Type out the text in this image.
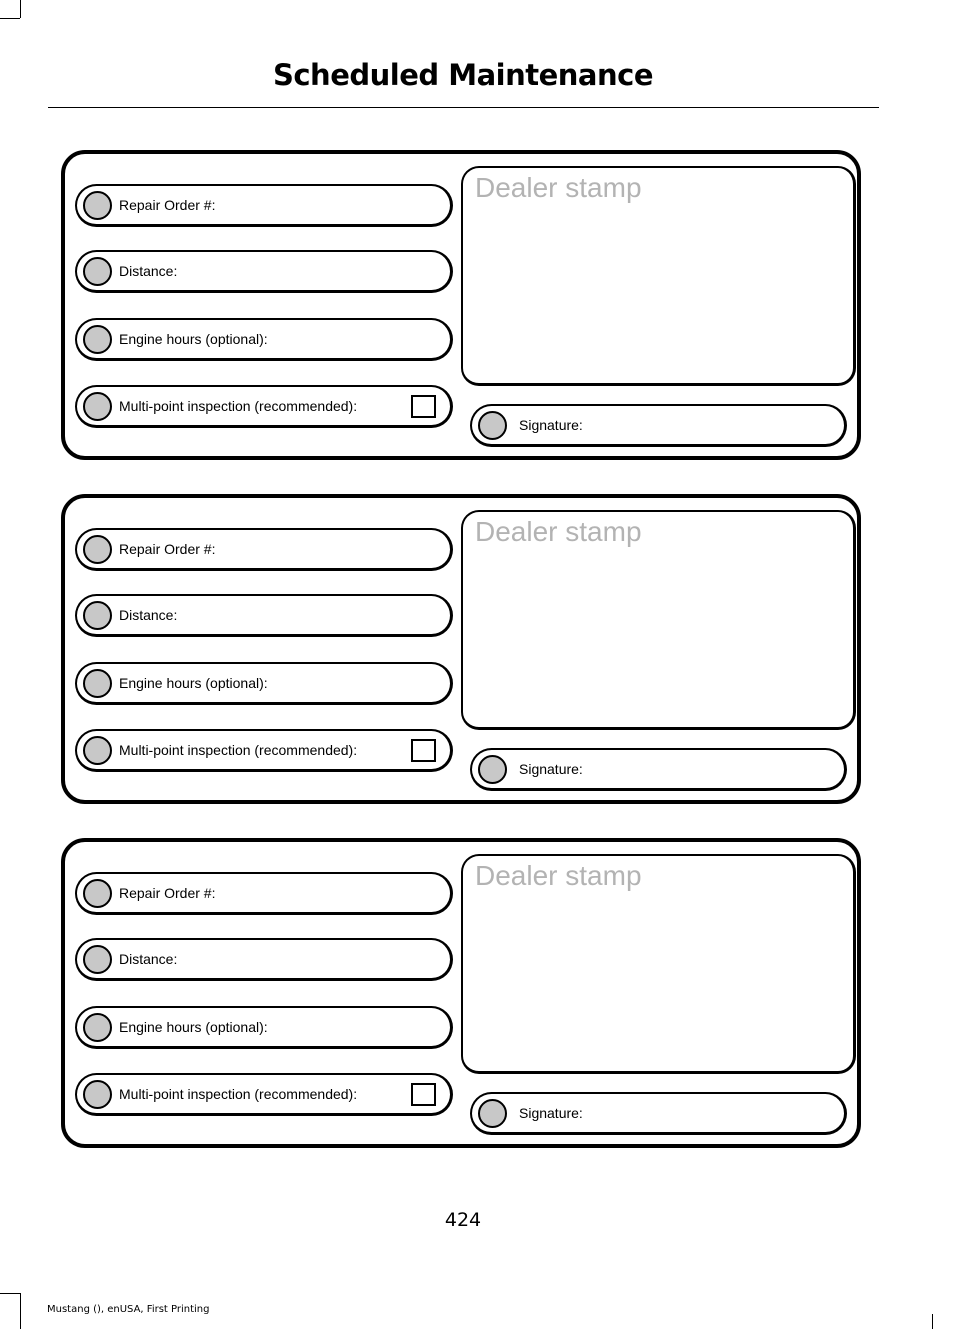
Scheduled Maintenance
Repair Order #:
Distance:
Engine hours (optional):
Multi-point inspection (recommended):
Dealer stamp
Signature:
Repair Order #:
Distance:
Engine hours (optional):
Multi-point inspection (recommended):
Dealer stamp
Signature:
Repair Order #:
Distance:
Engine hours (optional):
Multi-point inspection (recommended):
Dealer stamp
Signature:
424
Mustang (), enUSA, First Printing
